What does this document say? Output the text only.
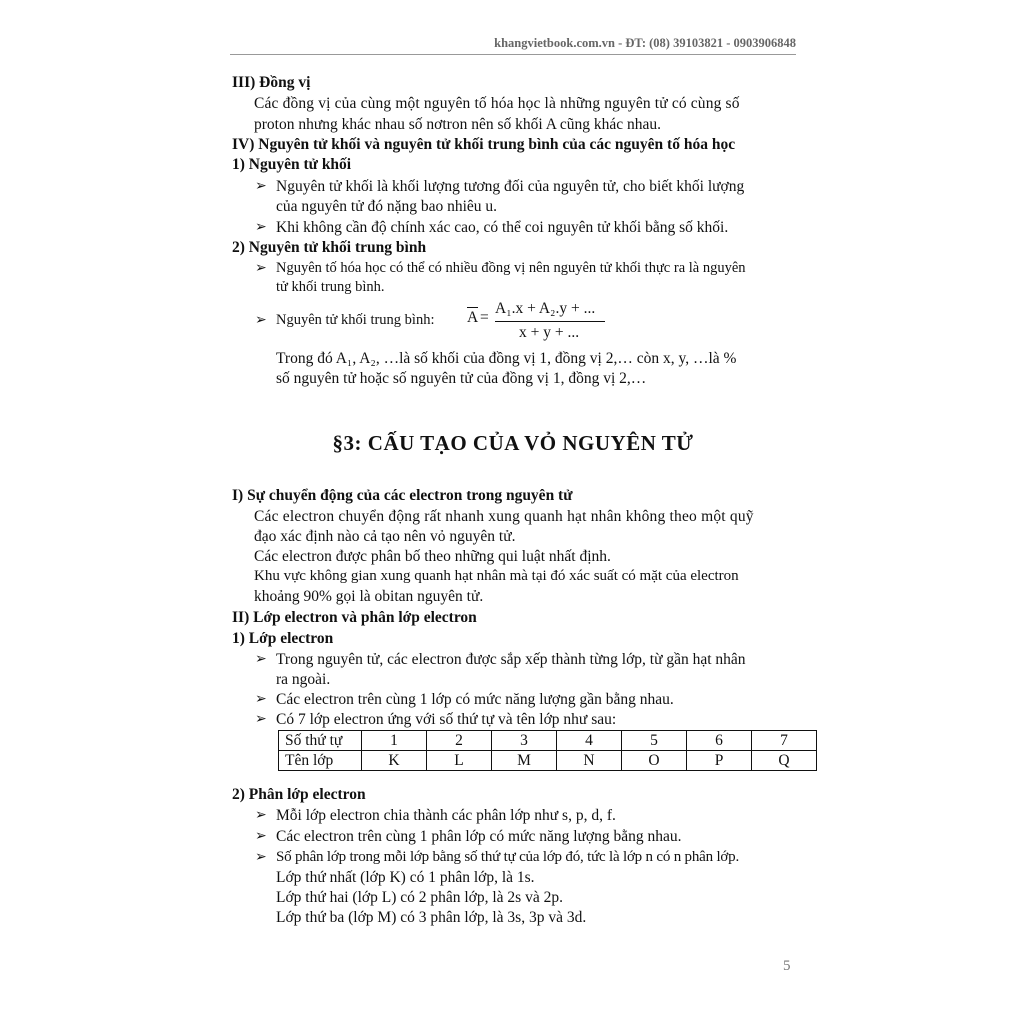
khangvietbook.com.vn - ĐT: (08) 39103821 - 0903906848
III) Đồng vị
Các đồng vị của cùng một nguyên tố hóa học là những nguyên tử có cùng số
proton nhưng khác nhau số nơtron nên số khối A cũng khác nhau.
IV) Nguyên tử khối và nguyên tử khối trung bình của các nguyên tố hóa học
1) Nguyên tử khối
➢ Nguyên tử khối là khối lượng tương đối của nguyên tử, cho biết khối lượng
của nguyên tử đó nặng bao nhiêu u.
➢ Khi không cần độ chính xác cao, có thể coi nguyên tử khối bằng số khối.
2) Nguyên tử khối trung bình
➢ Nguyên tố hóa học có thể có nhiều đồng vị nên nguyên tử khối thực ra là nguyên
tử khối trung bình.
➢ Nguyên tử khối trung bình: A =
A₁.x + A₂.y + ...
x + y + ...
Trong đó A₁, A₂, …là số khối của đồng vị 1, đồng vị 2,… còn x, y, …là %
số nguyên tử hoặc số nguyên tử của đồng vị 1, đồng vị 2,…
§3: CẤU TẠO CỦA VỎ NGUYÊN TỬ
I) Sự chuyển động của các electron trong nguyên tử
Các electron chuyển động rất nhanh xung quanh hạt nhân không theo một quỹ
đạo xác định nào cả tạo nên vỏ nguyên tử.
Các electron được phân bố theo những qui luật nhất định.
Khu vực không gian xung quanh hạt nhân mà tại đó xác suất có mặt của electron
khoảng 90% gọi là obitan nguyên tử.
II) Lớp electron và phân lớp electron
1) Lớp electron
➢ Trong nguyên tử, các electron được sắp xếp thành từng lớp, từ gần hạt nhân
ra ngoài.
➢ Các electron trên cùng 1 lớp có mức năng lượng gần bằng nhau.
➢ Có 7 lớp electron ứng với số thứ tự và tên lớp như sau:
Số thứ tự	1	2	3	4	5	6	7
Tên lớp	K	L	M	N	O	P	Q
2) Phân lớp electron
➢ Mỗi lớp electron chia thành các phân lớp như s, p, d, f.
➢ Các electron trên cùng 1 phân lớp có mức năng lượng bằng nhau.
➢ Số phân lớp trong mỗi lớp bằng số thứ tự của lớp đó, tức là lớp n có n phân lớp.
Lớp thứ nhất (lớp K) có 1 phân lớp, là 1s.
Lớp thứ hai (lớp L) có 2 phân lớp, là 2s và 2p.
Lớp thứ ba (lớp M) có 3 phân lớp, là 3s, 3p và 3d.
5
